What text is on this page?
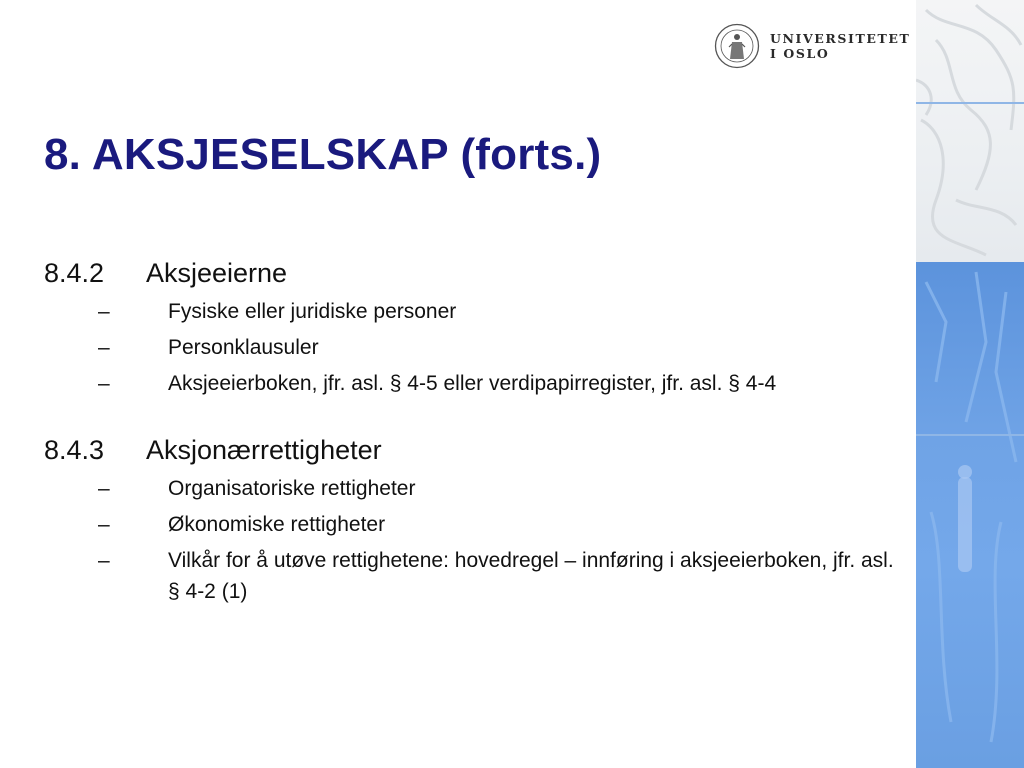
UNIVERSITETET
I OSLO
8. AKSJESELSKAP (forts.)
8.4.2	Aksjeeierne
–	Fysiske eller juridiske personer
–	Personklausuler
–	Aksjeeierboken, jfr. asl. § 4-5 eller verdipapirregister, jfr. asl. § 4-4
8.4.3	Aksjonærrettigheter
–	Organisatoriske rettigheter
–	Økonomiske rettigheter
–	Vilkår for å utøve rettighetene: hovedregel – innføring i aksjeeierboken, jfr. asl. § 4-2 (1)
